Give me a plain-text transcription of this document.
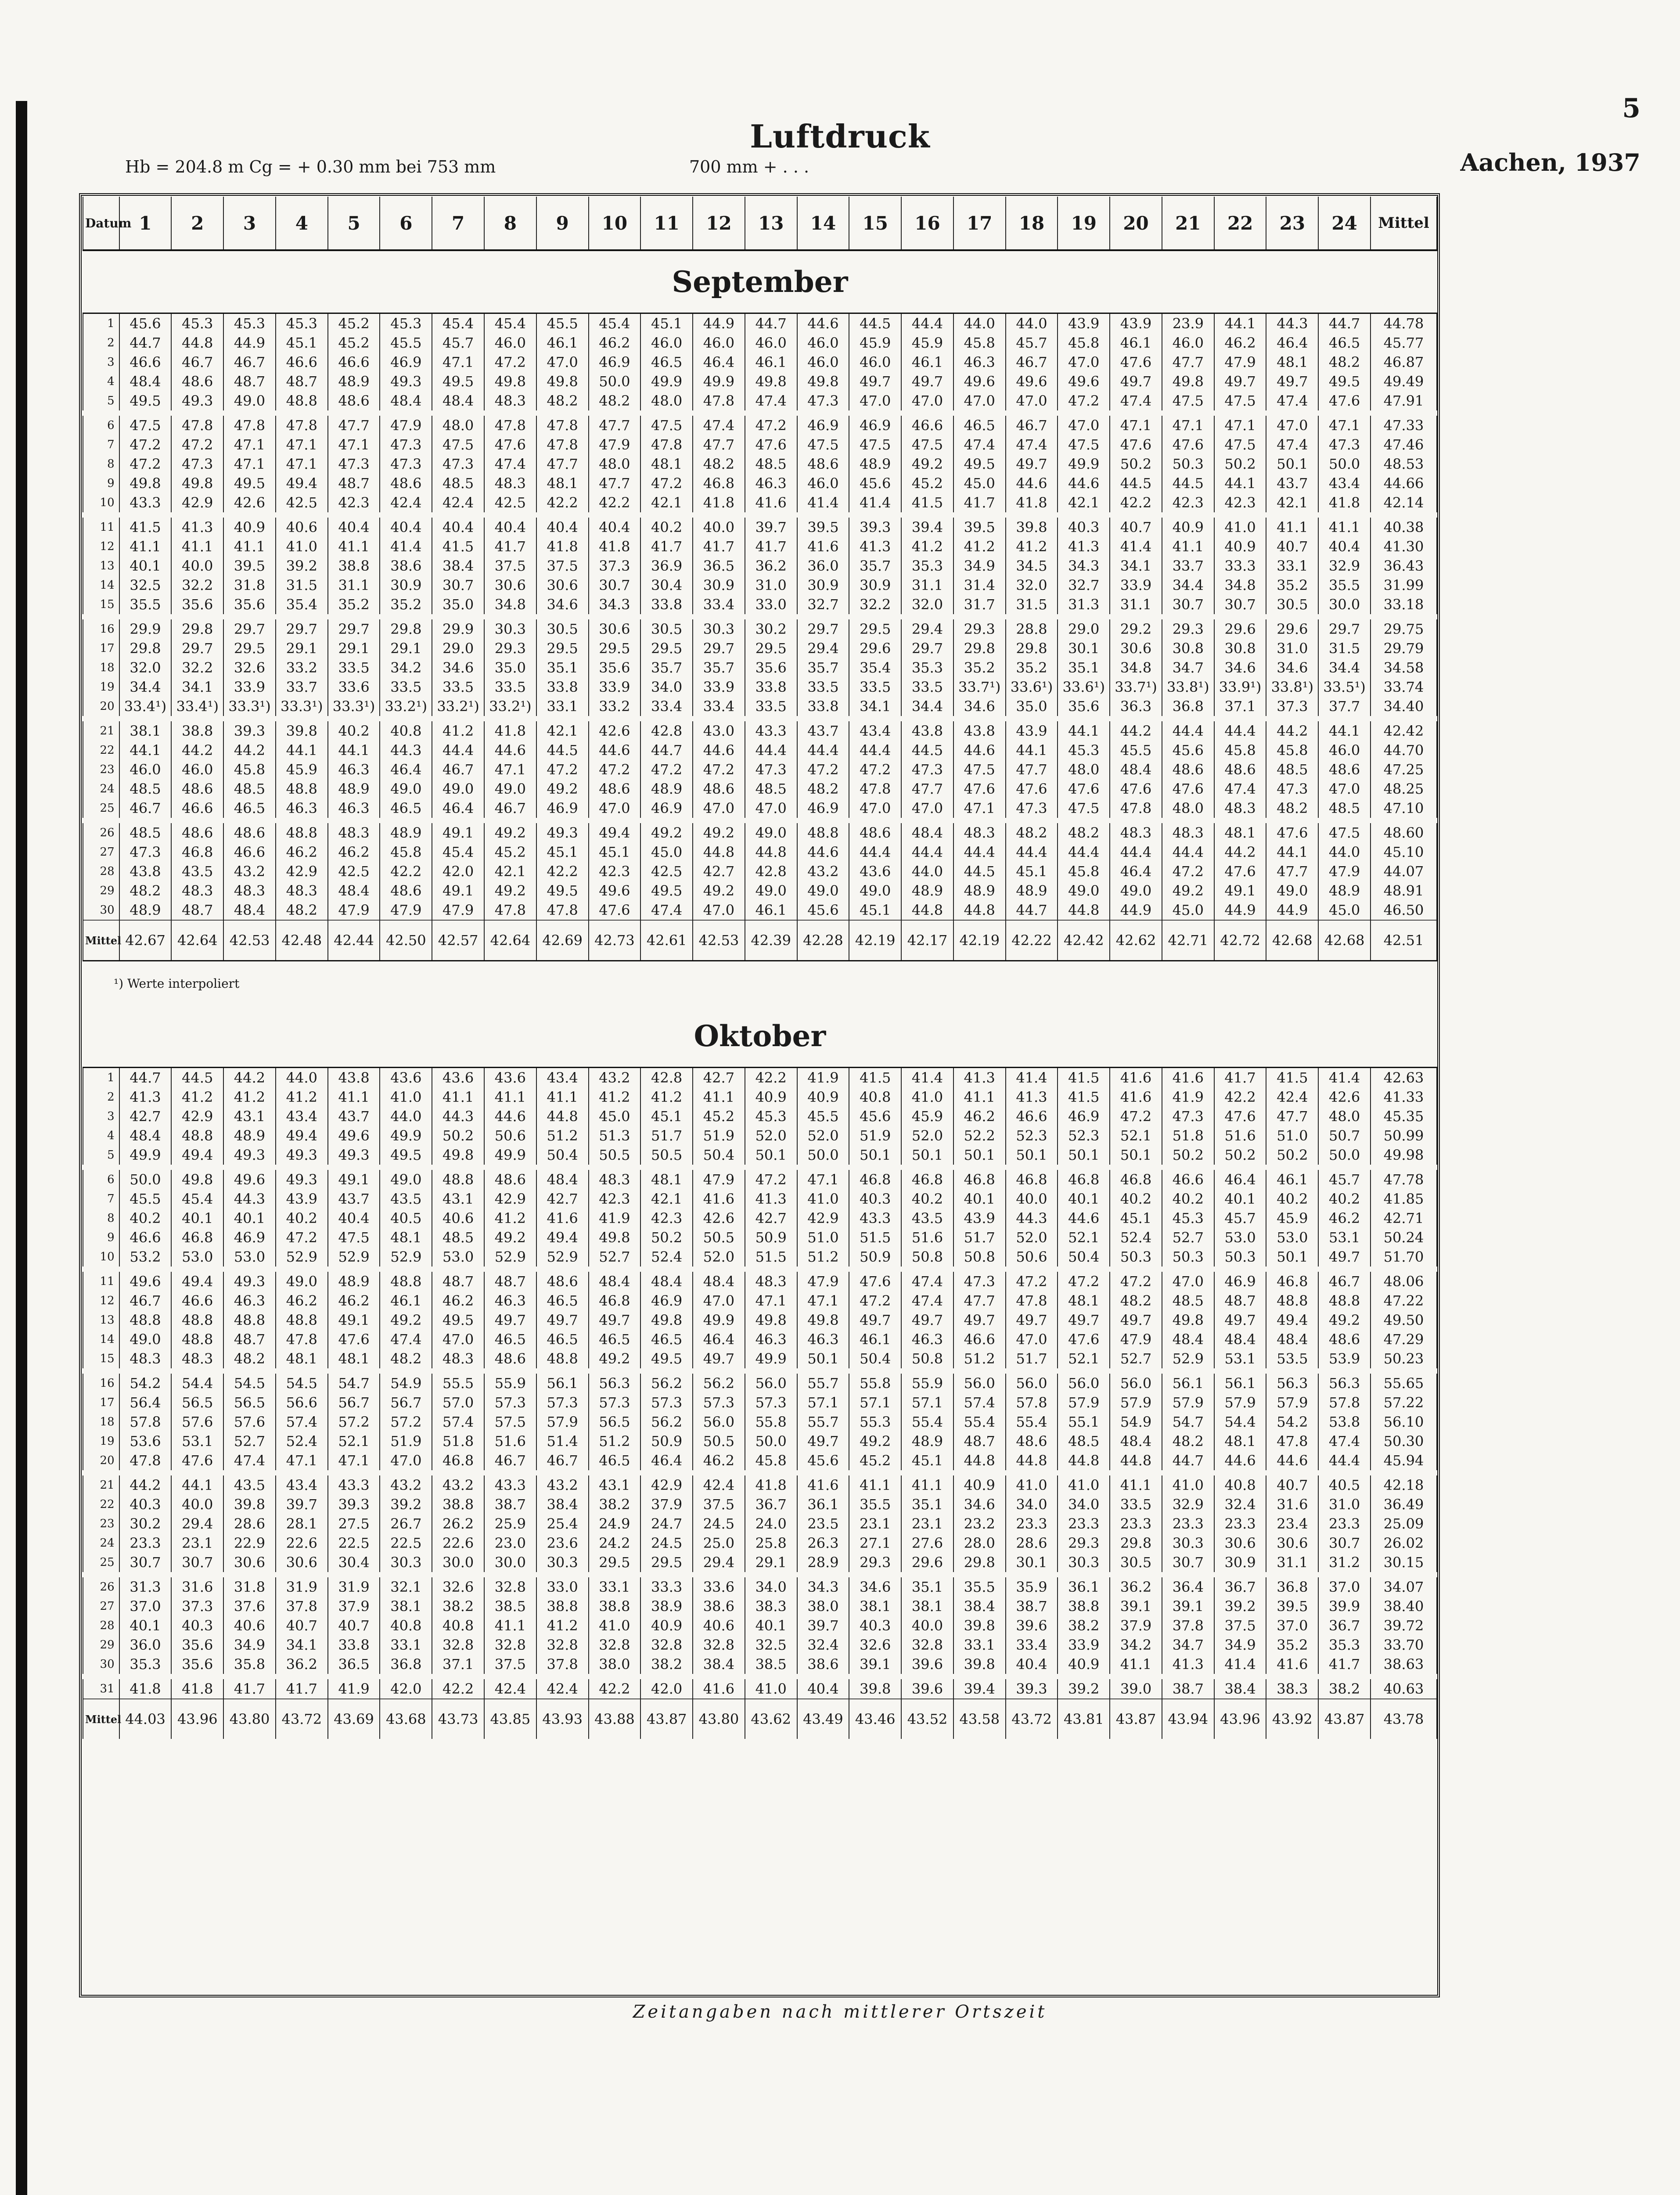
5
Luftdruck
Hb = 204.8 m Cg = + 0.30 mm bei 753 mm	700 mm + . . .	Aachen, 1937
Datum	1	2	3	4	5	6	7	8	9	10	11	12	13	14	15	16	17	18	19	20	21	22	23	24	Mittel
September																									
1	45.6	45.3	45.3	45.3	45.2	45.3	45.4	45.4	45.5	45.4	45.1	44.9	44.7	44.6	44.5	44.4	44.0	44.0	43.9	43.9	23.9	44.1	44.3	44.7	44.78
2	44.7	44.8	44.9	45.1	45.2	45.5	45.7	46.0	46.1	46.2	46.0	46.0	46.0	46.0	45.9	45.9	45.8	45.7	45.8	46.1	46.0	46.2	46.4	46.5	45.77
3	46.6	46.7	46.7	46.6	46.6	46.9	47.1	47.2	47.0	46.9	46.5	46.4	46.1	46.0	46.0	46.1	46.3	46.7	47.0	47.6	47.7	47.9	48.1	48.2	46.87
4	48.4	48.6	48.7	48.7	48.9	49.3	49.5	49.8	49.8	50.0	49.9	49.9	49.8	49.8	49.7	49.7	49.6	49.6	49.6	49.7	49.8	49.7	49.7	49.5	49.49
5	49.5	49.3	49.0	48.8	48.6	48.4	48.4	48.3	48.2	48.2	48.0	47.8	47.4	47.3	47.0	47.0	47.0	47.0	47.2	47.4	47.5	47.5	47.4	47.6	47.91

6	47.5	47.8	47.8	47.8	47.7	47.9	48.0	47.8	47.8	47.7	47.5	47.4	47.2	46.9	46.9	46.6	46.5	46.7	47.0	47.1	47.1	47.1	47.0	47.1	47.33
7	47.2	47.2	47.1	47.1	47.1	47.3	47.5	47.6	47.8	47.9	47.8	47.7	47.6	47.5	47.5	47.5	47.4	47.4	47.5	47.6	47.6	47.5	47.4	47.3	47.46
8	47.2	47.3	47.1	47.1	47.3	47.3	47.3	47.4	47.7	48.0	48.1	48.2	48.5	48.6	48.9	49.2	49.5	49.7	49.9	50.2	50.3	50.2	50.1	50.0	48.53
9	49.8	49.8	49.5	49.4	48.7	48.6	48.5	48.3	48.1	47.7	47.2	46.8	46.3	46.0	45.6	45.2	45.0	44.6	44.6	44.5	44.5	44.1	43.7	43.4	44.66
10	43.3	42.9	42.6	42.5	42.3	42.4	42.4	42.5	42.2	42.2	42.1	41.8	41.6	41.4	41.4	41.5	41.7	41.8	42.1	42.2	42.3	42.3	42.1	41.8	42.14

11	41.5	41.3	40.9	40.6	40.4	40.4	40.4	40.4	40.4	40.4	40.2	40.0	39.7	39.5	39.3	39.4	39.5	39.8	40.3	40.7	40.9	41.0	41.1	41.1	40.38
12	41.1	41.1	41.1	41.0	41.1	41.4	41.5	41.7	41.8	41.8	41.7	41.7	41.7	41.6	41.3	41.2	41.2	41.2	41.3	41.4	41.1	40.9	40.7	40.4	41.30
13	40.1	40.0	39.5	39.2	38.8	38.6	38.4	37.5	37.5	37.3	36.9	36.5	36.2	36.0	35.7	35.3	34.9	34.5	34.3	34.1	33.7	33.3	33.1	32.9	36.43
14	32.5	32.2	31.8	31.5	31.1	30.9	30.7	30.6	30.6	30.7	30.4	30.9	31.0	30.9	30.9	31.1	31.4	32.0	32.7	33.9	34.4	34.8	35.2	35.5	31.99
15	35.5	35.6	35.6	35.4	35.2	35.2	35.0	34.8	34.6	34.3	33.8	33.4	33.0	32.7	32.2	32.0	31.7	31.5	31.3	31.1	30.7	30.7	30.5	30.0	33.18

16	29.9	29.8	29.7	29.7	29.7	29.8	29.9	30.3	30.5	30.6	30.5	30.3	30.2	29.7	29.5	29.4	29.3	28.8	29.0	29.2	29.3	29.6	29.6	29.7	29.75
17	29.8	29.7	29.5	29.1	29.1	29.1	29.0	29.3	29.5	29.5	29.5	29.7	29.5	29.4	29.6	29.7	29.8	29.8	30.1	30.6	30.8	30.8	31.0	31.5	29.79
18	32.0	32.2	32.6	33.2	33.5	34.2	34.6	35.0	35.1	35.6	35.7	35.7	35.6	35.7	35.4	35.3	35.2	35.2	35.1	34.8	34.7	34.6	34.6	34.4	34.58
19	34.4	34.1	33.9	33.7	33.6	33.5	33.5	33.5	33.8	33.9	34.0	33.9	33.8	33.5	33.5	33.5	33.7¹)	33.6¹)	33.6¹)	33.7¹)	33.8¹)	33.9¹)	33.8¹)	33.5¹)	33.74
20	33.4¹)	33.4¹)	33.3¹)	33.3¹)	33.3¹)	33.2¹)	33.2¹)	33.2¹)	33.1	33.2	33.4	33.4	33.5	33.8	34.1	34.4	34.6	35.0	35.6	36.3	36.8	37.1	37.3	37.7	34.40

21	38.1	38.8	39.3	39.8	40.2	40.8	41.2	41.8	42.1	42.6	42.8	43.0	43.3	43.7	43.4	43.8	43.8	43.9	44.1	44.2	44.4	44.4	44.2	44.1	42.42
22	44.1	44.2	44.2	44.1	44.1	44.3	44.4	44.6	44.5	44.6	44.7	44.6	44.4	44.4	44.4	44.5	44.6	44.1	45.3	45.5	45.6	45.8	45.8	46.0	44.70
23	46.0	46.0	45.8	45.9	46.3	46.4	46.7	47.1	47.2	47.2	47.2	47.2	47.3	47.2	47.2	47.3	47.5	47.7	48.0	48.4	48.6	48.6	48.5	48.6	47.25
24	48.5	48.6	48.5	48.8	48.9	49.0	49.0	49.0	49.2	48.6	48.9	48.6	48.5	48.2	47.8	47.7	47.6	47.6	47.6	47.6	47.6	47.4	47.3	47.0	48.25
25	46.7	46.6	46.5	46.3	46.3	46.5	46.4	46.7	46.9	47.0	46.9	47.0	47.0	46.9	47.0	47.0	47.1	47.3	47.5	47.8	48.0	48.3	48.2	48.5	47.10

26	48.5	48.6	48.6	48.8	48.3	48.9	49.1	49.2	49.3	49.4	49.2	49.2	49.0	48.8	48.6	48.4	48.3	48.2	48.2	48.3	48.3	48.1	47.6	47.5	48.60
27	47.3	46.8	46.6	46.2	46.2	45.8	45.4	45.2	45.1	45.1	45.0	44.8	44.8	44.6	44.4	44.4	44.4	44.4	44.4	44.4	44.4	44.2	44.1	44.0	45.10
28	43.8	43.5	43.2	42.9	42.5	42.2	42.0	42.1	42.2	42.3	42.5	42.7	42.8	43.2	43.6	44.0	44.5	45.1	45.8	46.4	47.2	47.6	47.7	47.9	44.07
29	48.2	48.3	48.3	48.3	48.4	48.6	49.1	49.2	49.5	49.6	49.5	49.2	49.0	49.0	49.0	48.9	48.9	48.9	49.0	49.0	49.2	49.1	49.0	48.9	48.91
30	48.9	48.7	48.4	48.2	47.9	47.9	47.9	47.8	47.8	47.6	47.4	47.0	46.1	45.6	45.1	44.8	44.8	44.7	44.8	44.9	45.0	44.9	44.9	45.0	46.50
Mittel	42.67	42.64	42.53	42.48	42.44	42.50	42.57	42.64	42.69	42.73	42.61	42.53	42.39	42.28	42.19	42.17	42.19	42.22	42.42	42.62	42.71	42.72	42.68	42.68	42.51
¹) Werte interpoliert																									
Oktober																									
1	44.7	44.5	44.2	44.0	43.8	43.6	43.6	43.6	43.4	43.2	42.8	42.7	42.2	41.9	41.5	41.4	41.3	41.4	41.5	41.6	41.6	41.7	41.5	41.4	42.63
2	41.3	41.2	41.2	41.2	41.1	41.0	41.1	41.1	41.1	41.2	41.2	41.1	40.9	40.9	40.8	41.0	41.1	41.3	41.5	41.6	41.9	42.2	42.4	42.6	41.33
3	42.7	42.9	43.1	43.4	43.7	44.0	44.3	44.6	44.8	45.0	45.1	45.2	45.3	45.5	45.6	45.9	46.2	46.6	46.9	47.2	47.3	47.6	47.7	48.0	45.35
4	48.4	48.8	48.9	49.4	49.6	49.9	50.2	50.6	51.2	51.3	51.7	51.9	52.0	52.0	51.9	52.0	52.2	52.3	52.3	52.1	51.8	51.6	51.0	50.7	50.99
5	49.9	49.4	49.3	49.3	49.3	49.5	49.8	49.9	50.4	50.5	50.5	50.4	50.1	50.0	50.1	50.1	50.1	50.1	50.1	50.1	50.2	50.2	50.2	50.0	49.98

6	50.0	49.8	49.6	49.3	49.1	49.0	48.8	48.6	48.4	48.3	48.1	47.9	47.2	47.1	46.8	46.8	46.8	46.8	46.8	46.8	46.6	46.4	46.1	45.7	47.78
7	45.5	45.4	44.3	43.9	43.7	43.5	43.1	42.9	42.7	42.3	42.1	41.6	41.3	41.0	40.3	40.2	40.1	40.0	40.1	40.2	40.2	40.1	40.2	40.2	41.85
8	40.2	40.1	40.1	40.2	40.4	40.5	40.6	41.2	41.6	41.9	42.3	42.6	42.7	42.9	43.3	43.5	43.9	44.3	44.6	45.1	45.3	45.7	45.9	46.2	42.71
9	46.6	46.8	46.9	47.2	47.5	48.1	48.5	49.2	49.4	49.8	50.2	50.5	50.9	51.0	51.5	51.6	51.7	52.0	52.1	52.4	52.7	53.0	53.0	53.1	50.24
10	53.2	53.0	53.0	52.9	52.9	52.9	53.0	52.9	52.9	52.7	52.4	52.0	51.5	51.2	50.9	50.8	50.8	50.6	50.4	50.3	50.3	50.3	50.1	49.7	51.70

11	49.6	49.4	49.3	49.0	48.9	48.8	48.7	48.7	48.6	48.4	48.4	48.4	48.3	47.9	47.6	47.4	47.3	47.2	47.2	47.2	47.0	46.9	46.8	46.7	48.06
12	46.7	46.6	46.3	46.2	46.2	46.1	46.2	46.3	46.5	46.8	46.9	47.0	47.1	47.1	47.2	47.4	47.7	47.8	48.1	48.2	48.5	48.7	48.8	48.8	47.22
13	48.8	48.8	48.8	48.8	49.1	49.2	49.5	49.7	49.7	49.7	49.8	49.9	49.8	49.8	49.7	49.7	49.7	49.7	49.7	49.7	49.8	49.7	49.4	49.2	49.50
14	49.0	48.8	48.7	47.8	47.6	47.4	47.0	46.5	46.5	46.5	46.5	46.4	46.3	46.3	46.1	46.3	46.6	47.0	47.6	47.9	48.4	48.4	48.4	48.6	47.29
15	48.3	48.3	48.2	48.1	48.1	48.2	48.3	48.6	48.8	49.2	49.5	49.7	49.9	50.1	50.4	50.8	51.2	51.7	52.1	52.7	52.9	53.1	53.5	53.9	50.23

16	54.2	54.4	54.5	54.5	54.7	54.9	55.5	55.9	56.1	56.3	56.2	56.2	56.0	55.7	55.8	55.9	56.0	56.0	56.0	56.0	56.1	56.1	56.3	56.3	55.65
17	56.4	56.5	56.5	56.6	56.7	56.7	57.0	57.3	57.3	57.3	57.3	57.3	57.3	57.1	57.1	57.1	57.4	57.8	57.9	57.9	57.9	57.9	57.9	57.8	57.22
18	57.8	57.6	57.6	57.4	57.2	57.2	57.4	57.5	57.9	56.5	56.2	56.0	55.8	55.7	55.3	55.4	55.4	55.4	55.1	54.9	54.7	54.4	54.2	53.8	56.10
19	53.6	53.1	52.7	52.4	52.1	51.9	51.8	51.6	51.4	51.2	50.9	50.5	50.0	49.7	49.2	48.9	48.7	48.6	48.5	48.4	48.2	48.1	47.8	47.4	50.30
20	47.8	47.6	47.4	47.1	47.1	47.0	46.8	46.7	46.7	46.5	46.4	46.2	45.8	45.6	45.2	45.1	44.8	44.8	44.8	44.8	44.7	44.6	44.6	44.4	45.94

21	44.2	44.1	43.5	43.4	43.3	43.2	43.2	43.3	43.2	43.1	42.9	42.4	41.8	41.6	41.1	41.1	40.9	41.0	41.0	41.1	41.0	40.8	40.7	40.5	42.18
22	40.3	40.0	39.8	39.7	39.3	39.2	38.8	38.7	38.4	38.2	37.9	37.5	36.7	36.1	35.5	35.1	34.6	34.0	34.0	33.5	32.9	32.4	31.6	31.0	36.49
23	30.2	29.4	28.6	28.1	27.5	26.7	26.2	25.9	25.4	24.9	24.7	24.5	24.0	23.5	23.1	23.1	23.2	23.3	23.3	23.3	23.3	23.3	23.4	23.3	25.09
24	23.3	23.1	22.9	22.6	22.5	22.5	22.6	23.0	23.6	24.2	24.5	25.0	25.8	26.3	27.1	27.6	28.0	28.6	29.3	29.8	30.3	30.6	30.6	30.7	26.02
25	30.7	30.7	30.6	30.6	30.4	30.3	30.0	30.0	30.3	29.5	29.5	29.4	29.1	28.9	29.3	29.6	29.8	30.1	30.3	30.5	30.7	30.9	31.1	31.2	30.15

26	31.3	31.6	31.8	31.9	31.9	32.1	32.6	32.8	33.0	33.1	33.3	33.6	34.0	34.3	34.6	35.1	35.5	35.9	36.1	36.2	36.4	36.7	36.8	37.0	34.07
27	37.0	37.3	37.6	37.8	37.9	38.1	38.2	38.5	38.8	38.8	38.9	38.6	38.3	38.0	38.1	38.1	38.4	38.7	38.8	39.1	39.1	39.2	39.5	39.9	38.40
28	40.1	40.3	40.6	40.7	40.7	40.8	40.8	41.1	41.2	41.0	40.9	40.6	40.1	39.7	40.3	40.0	39.8	39.6	38.2	37.9	37.8	37.5	37.0	36.7	39.72
29	36.0	35.6	34.9	34.1	33.8	33.1	32.8	32.8	32.8	32.8	32.8	32.8	32.5	32.4	32.6	32.8	33.1	33.4	33.9	34.2	34.7	34.9	35.2	35.3	33.70
30	35.3	35.6	35.8	36.2	36.5	36.8	37.1	37.5	37.8	38.0	38.2	38.4	38.5	38.6	39.1	39.6	39.8	40.4	40.9	41.1	41.3	41.4	41.6	41.7	38.63

31	41.8	41.8	41.7	41.7	41.9	42.0	42.2	42.4	42.4	42.2	42.0	41.6	41.0	40.4	39.8	39.6	39.4	39.3	39.2	39.0	38.7	38.4	38.3	38.2	40.63
Mittel	44.03	43.96	43.80	43.72	43.69	43.68	43.73	43.85	43.93	43.88	43.87	43.80	43.62	43.49	43.46	43.52	43.58	43.72	43.81	43.87	43.94	43.96	43.92	43.87	43.78
Zeitangaben nach mittlerer Ortszeit
